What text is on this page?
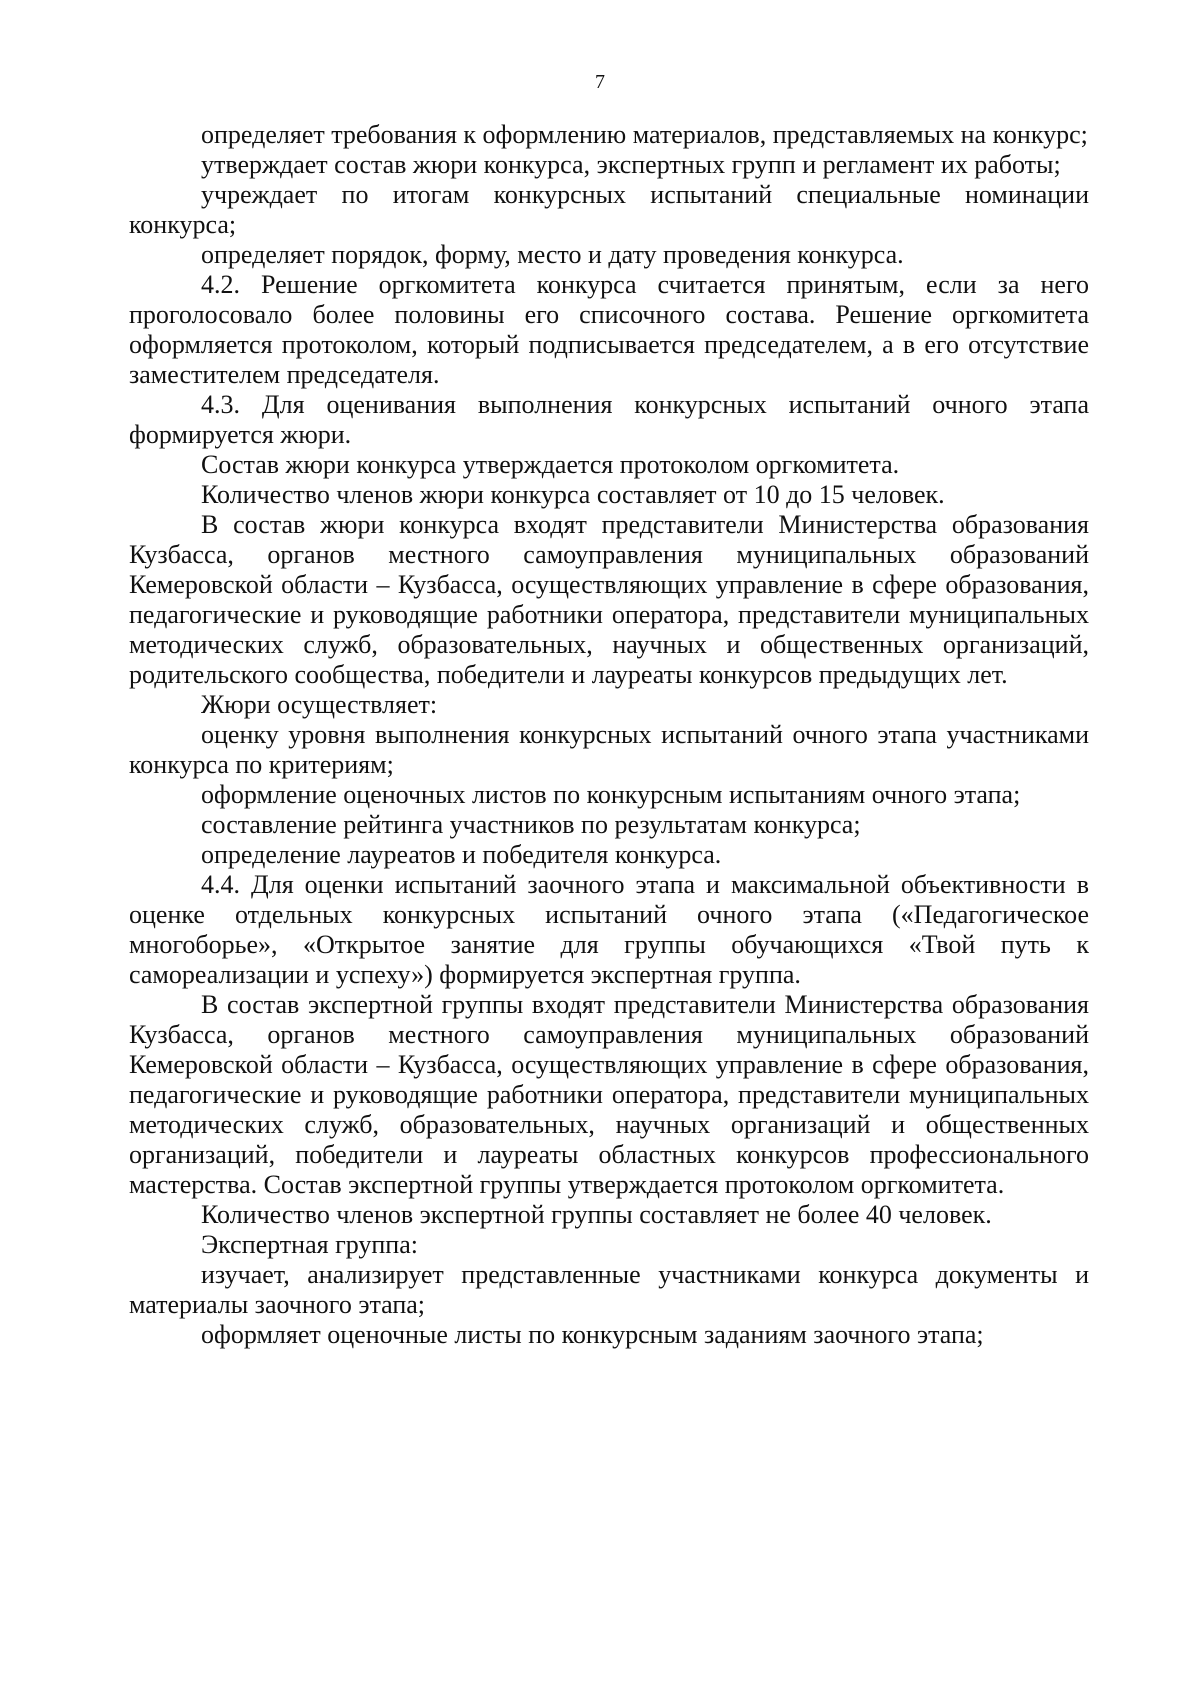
7

определяет требования к оформлению материалов, представляемых на конкурс;

утверждает состав жюри конкурса, экспертных групп и регламент их работы;

учреждает по итогам конкурсных испытаний специальные номинации конкурса;

определяет порядок, форму, место и дату проведения конкурса.

4.2. Решение оргкомитета конкурса считается принятым, если за него проголосовало более половины его списочного состава. Решение оргкомитета оформляется протоколом, который подписывается председателем, а в его отсутствие заместителем председателя.

4.3. Для оценивания выполнения конкурсных испытаний очного этапа формируется жюри.

Состав жюри конкурса утверждается протоколом оргкомитета.

Количество членов жюри конкурса составляет от 10 до 15 человек.

В состав жюри конкурса входят представители Министерства образования Кузбасса, органов местного самоуправления муниципальных образований Кемеровской области – Кузбасса, осуществляющих управление в сфере образования, педагогические и руководящие работники оператора, представители муниципальных методических служб, образовательных, научных и общественных организаций, родительского сообщества, победители и лауреаты конкурсов предыдущих лет.

Жюри осуществляет:

оценку уровня выполнения конкурсных испытаний очного этапа участниками конкурса по критериям;

оформление оценочных листов по конкурсным испытаниям очного этапа;

составление рейтинга участников по результатам конкурса;

определение лауреатов и победителя конкурса.

4.4. Для оценки испытаний заочного этапа и максимальной объективности в оценке отдельных конкурсных испытаний очного этапа («Педагогическое многоборье», «Открытое занятие для группы обучающихся «Твой путь к самореализации и успеху») формируется экспертная группа.

В состав экспертной группы входят представители Министерства образования Кузбасса, органов местного самоуправления муниципальных образований Кемеровской области – Кузбасса, осуществляющих управление в сфере образования, педагогические и руководящие работники оператора, представители муниципальных методических служб, образовательных, научных организаций и общественных организаций, победители и лауреаты областных конкурсов профессионального мастерства. Состав экспертной группы утверждается протоколом оргкомитета.

Количество членов экспертной группы составляет не более 40 человек.

Экспертная группа:

изучает, анализирует представленные участниками конкурса документы и материалы заочного этапа;

оформляет оценочные листы по конкурсным заданиям заочного этапа;
